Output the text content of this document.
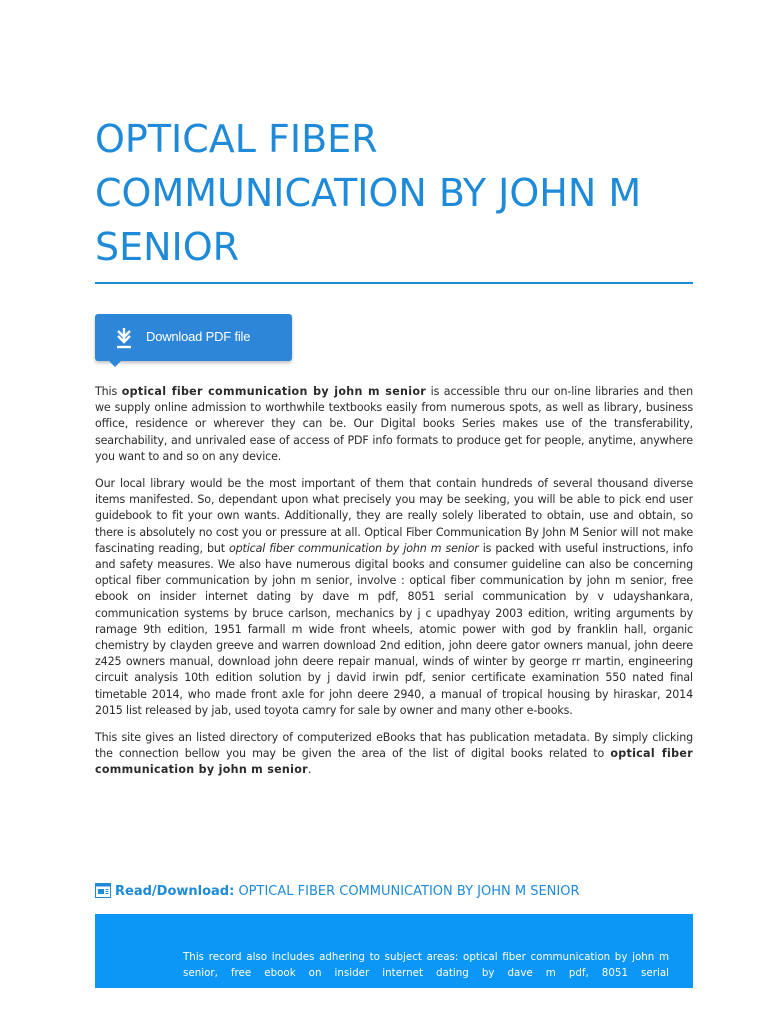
OPTICAL FIBER COMMUNICATION BY JOHN M SENIOR
Download PDF file

This optical fiber communication by john m senior is accessible thru our on-line libraries and then we supply online admission to worthwhile textbooks easily from numerous spots, as well as library, business office, residence or wherever they can be. Our Digital books Series makes use of the transferability, searchability, and unrivaled ease of access of PDF info formats to produce get for people, anytime, anywhere you want to and so on any device.

Our local library would be the most important of them that contain hundreds of several thousand diverse items manifested. So, dependant upon what precisely you may be seeking, you will be able to pick end user guidebook to fit your own wants. Additionally, they are really solely liberated to obtain, use and obtain, so there is absolutely no cost you or pressure at all. Optical Fiber Communication By John M Senior will not make fascinating reading, but optical fiber communication by john m senior is packed with useful instructions, info and safety measures. We also have numerous digital books and consumer guideline can also be concerning optical fiber communication by john m senior, involve : optical fiber communication by john m senior, free ebook on insider internet dating by dave m pdf, 8051 serial communication by v udayshankara, communication systems by bruce carlson, mechanics by j c upadhyay 2003 edition, writing arguments by ramage 9th edition, 1951 farmall m wide front wheels, atomic power with god by franklin hall, organic chemistry by clayden greeve and warren download 2nd edition, john deere gator owners manual, john deere z425 owners manual, download john deere repair manual, winds of winter by george rr martin, engineering circuit analysis 10th edition solution by j david irwin pdf, senior certificate examination 550 nated final timetable 2014, who made front axle for john deere 2940, a manual of tropical housing by hiraskar, 2014 2015 list released by jab, used toyota camry for sale by owner and many other e-books.

This site gives an listed directory of computerized eBooks that has publication metadata. By simply clicking the connection bellow you may be given the area of the list of digital books related to optical fiber communication by john m senior.

Read/Download: OPTICAL FIBER COMMUNICATION BY JOHN M SENIOR
This record also includes adhering to subject areas: optical fiber communication by john m senior, free ebook on insider internet dating by dave m pdf, 8051 serial
